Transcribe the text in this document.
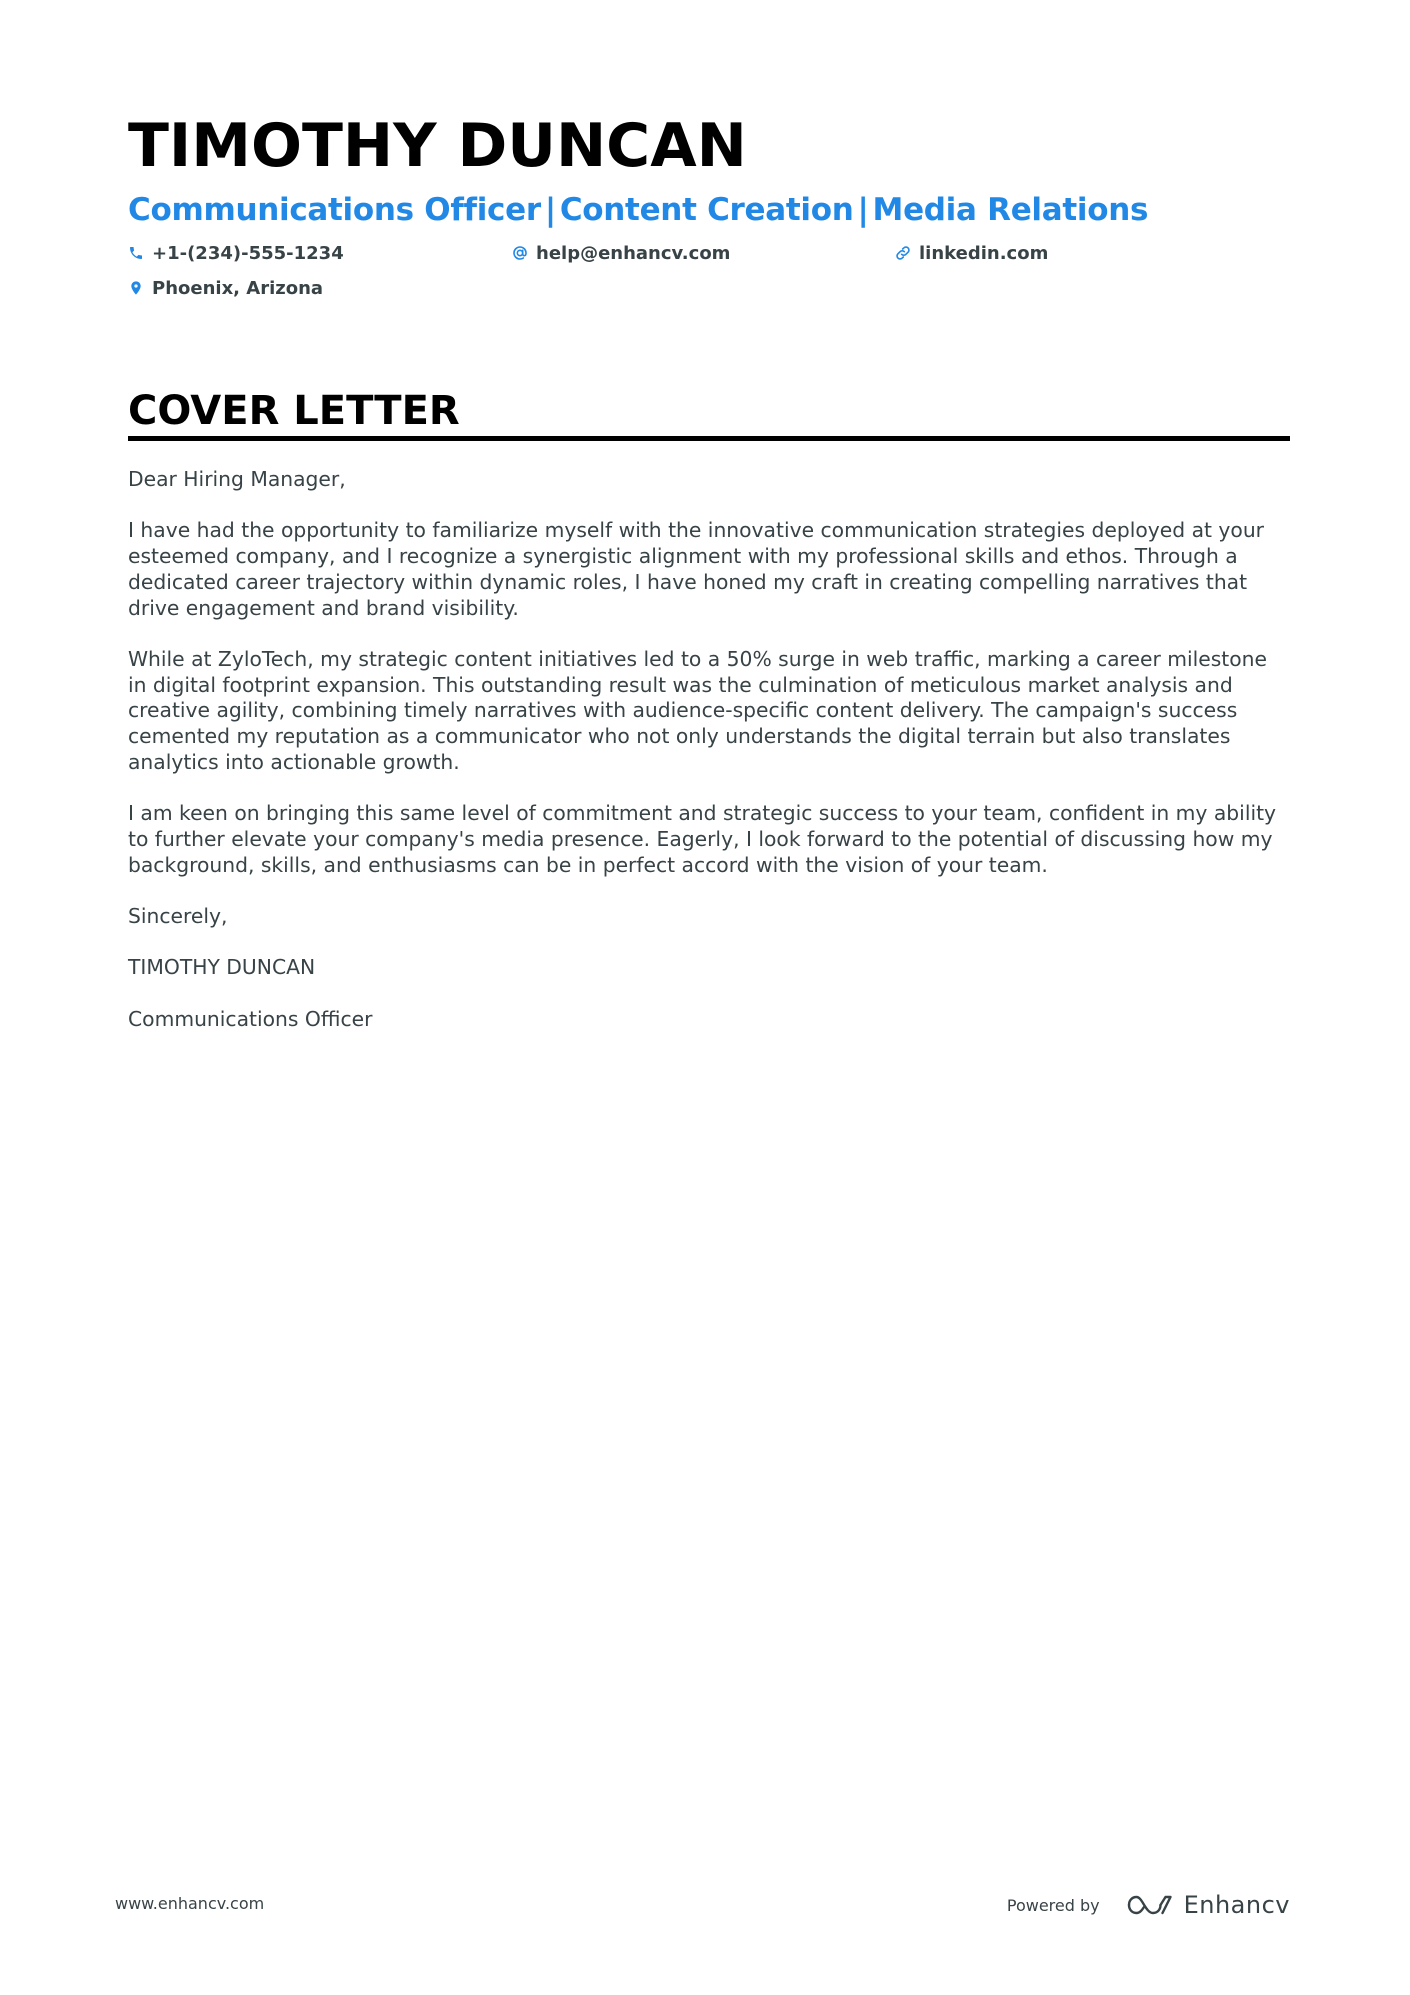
TIMOTHY DUNCAN
Communications Officer | Content Creation | Media Relations
+1-(234)-555-1234	help@enhancv.com	linkedin.com
Phoenix, Arizona
COVER LETTER

Dear Hiring Manager,

I have had the opportunity to familiarize myself with the innovative communication strategies deployed at your esteemed company, and I recognize a synergistic alignment with my professional skills and ethos. Through a dedicated career trajectory within dynamic roles, I have honed my craft in creating compelling narratives that drive engagement and brand visibility.

While at ZyloTech, my strategic content initiatives led to a 50% surge in web traffic, marking a career milestone in digital footprint expansion. This outstanding result was the culmination of meticulous market analysis and creative agility, combining timely narratives with audience-specific content delivery. The campaign's success cemented my reputation as a communicator who not only understands the digital terrain but also translates analytics into actionable growth.

I am keen on bringing this same level of commitment and strategic success to your team, confident in my ability to further elevate your company's media presence. Eagerly, I look forward to the potential of discussing how my background, skills, and enthusiasms can be in perfect accord with the vision of your team.

Sincerely,

TIMOTHY DUNCAN

Communications Officer

www.enhancv.com	Powered by	Enhancv
